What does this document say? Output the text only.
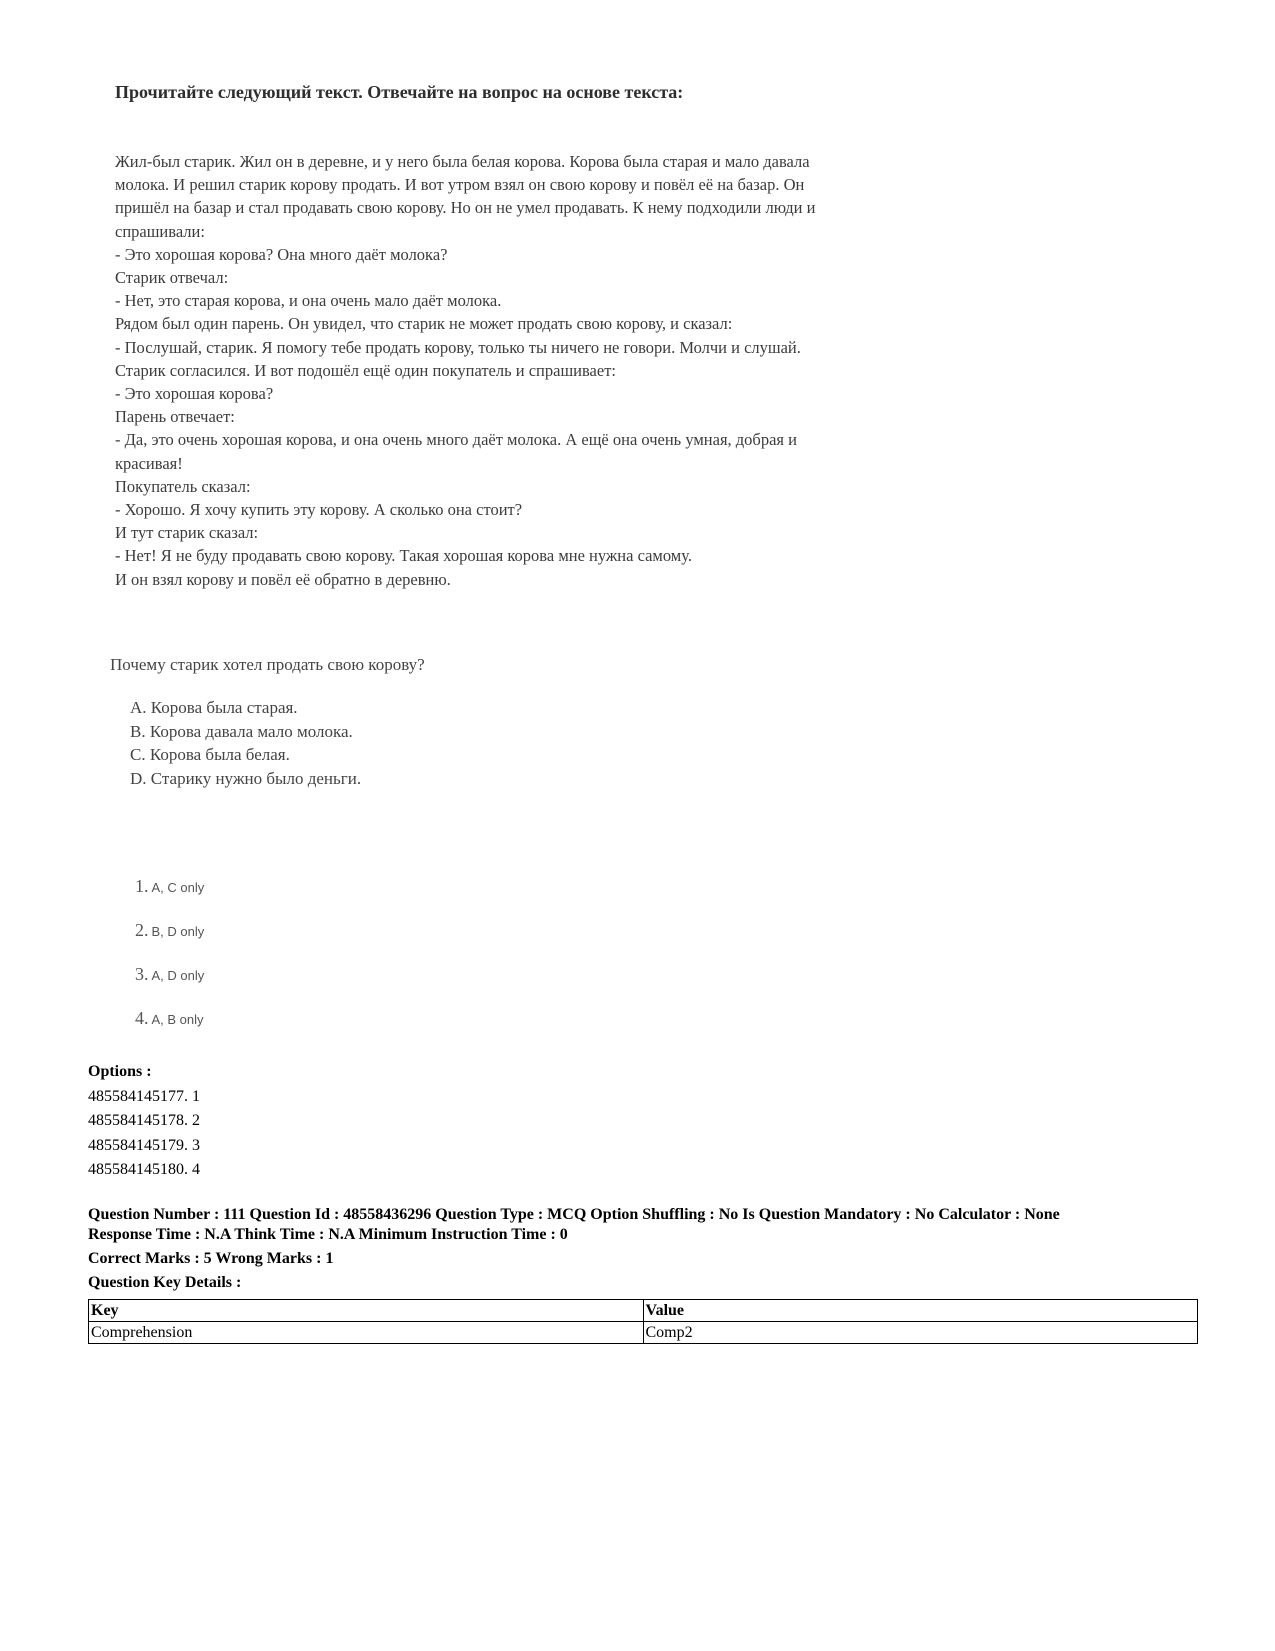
Прочитайте следующий текст. Отвечайте на вопрос на основе текста:
Жил-был старик. Жил он в деревне, и у него была белая корова. Корова была старая и мало давала
молока. И решил старик корову продать. И вот утром взял он свою корову и повёл её на базар. Он
пришёл на базар и стал продавать свою корову. Но он не умел продавать. К нему подходили люди и
спрашивали:
- Это хорошая корова? Она много даёт молока?
Старик отвечал:
- Нет, это старая корова, и она очень мало даёт молока.
Рядом был один парень. Он увидел, что старик не может продать свою корову, и сказал:
- Послушай, старик. Я помогу тебе продать корову, только ты ничего не говори. Молчи и слушай.
Старик согласился. И вот подошёл ещё один покупатель и спрашивает:
- Это хорошая корова?
Парень отвечает:
- Да, это очень хорошая корова, и она очень много даёт молока. А ещё она очень умная, добрая и
красивая!
Покупатель сказал:
- Хорошо. Я хочу купить эту корову. А сколько она стоит?
И тут старик сказал:
- Нет! Я не буду продавать свою корову. Такая хорошая корова мне нужна самому.
И он взял корову и повёл её обратно в деревню.
Почему старик хотел продать свою корову?
A. Корова была старая.
B. Корова давала мало молока.
C. Корова была белая.
D. Старику нужно было деньги.
1. A, C only
2. B, D only
3. A, D only
4. A, B only
Options :
485584145177. 1
485584145178. 2
485584145179. 3
485584145180. 4
Question Number : 111 Question Id : 48558436296 Question Type : MCQ Option Shuffling : No Is Question Mandatory : No Calculator : None
Response Time : N.A Think Time : N.A Minimum Instruction Time : 0
Correct Marks : 5 Wrong Marks : 1
Question Key Details :
Key	Value
Comprehension	Comp2
